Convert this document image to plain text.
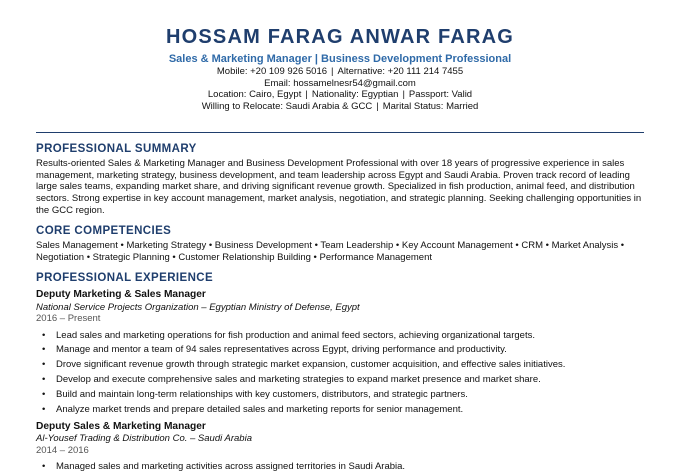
HOSSAM FARAG ANWAR FARAG
Sales & Marketing Manager | Business Development Professional
Mobile: +20 109 926 5016 | Alternative: +20 111 214 7455
Email: hossamelnesr54@gmail.com
Location: Cairo, Egypt | Nationality: Egyptian | Passport: Valid
Willing to Relocate: Saudi Arabia & GCC | Marital Status: Married
PROFESSIONAL SUMMARY
Results-oriented Sales & Marketing Manager and Business Development Professional with over 18 years of progressive experience in sales management, marketing strategy, business development, and team leadership across Egypt and Saudi Arabia. Proven track record of leading large sales teams, expanding market share, and driving significant revenue growth. Specialized in fish production, animal feed, and distribution sectors. Strong expertise in key account management, market analysis, negotiation, and strategic planning. Seeking challenging opportunities in the GCC region.
CORE COMPETENCIES
Sales Management • Marketing Strategy • Business Development • Team Leadership • Key Account Management • CRM • Market Analysis • Negotiation • Strategic Planning • Customer Relationship Building • Performance Management
PROFESSIONAL EXPERIENCE
Deputy Marketing & Sales Manager
National Service Projects Organization – Egyptian Ministry of Defense, Egypt
2016 – Present
• Lead sales and marketing operations for fish production and animal feed sectors, achieving organizational targets.
• Manage and mentor a team of 94 sales representatives across Egypt, driving performance and productivity.
• Drove significant revenue growth through strategic market expansion, customer acquisition, and effective sales initiatives.
• Develop and execute comprehensive sales and marketing strategies to expand market presence and market share.
• Build and maintain long-term relationships with key customers, distributors, and strategic partners.
• Analyze market trends and prepare detailed sales and marketing reports for senior management.
Deputy Sales & Marketing Manager
Al-Yousef Trading & Distribution Co. – Saudi Arabia
2014 – 2016
• Managed sales and marketing activities across assigned territories in Saudi Arabia.
